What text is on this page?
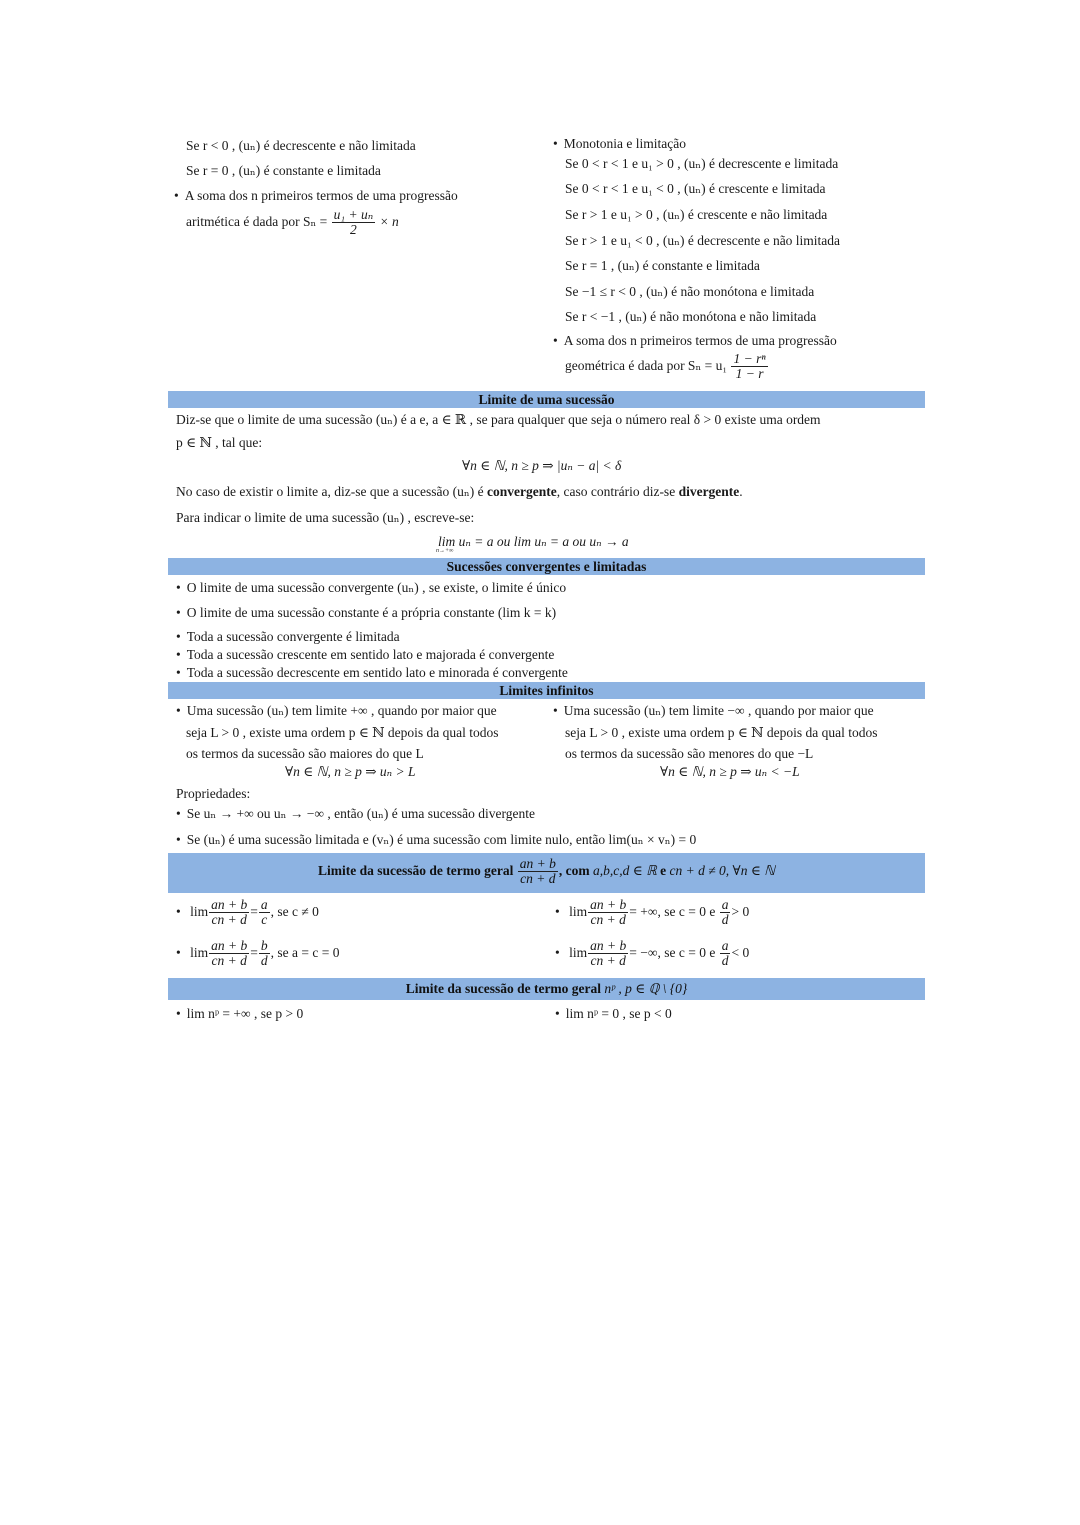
Se r < 0 , (uₙ) é decrescente e não limitada
Se r = 0 , (uₙ) é constante e limitada
• A soma dos n primeiros termos de uma progressão
aritmética é dada por $S_n = \frac{\text{u₁ + uₙ}}{2} \times n$
• Monotonia e limitação
Se 0 < r < 1 e u₁ > 0 , (uₙ) é decrescente e limitada
Se 0 < r < 1 e u₁ < 0 , (uₙ) é crescente e limitada
Se r > 1 e u₁ > 0 , (uₙ) é crescente e não limitada
Se r > 1 e u₁ < 0 , (uₙ) é decrescente e não limitada
Se r = 1 , (uₙ) é constante e limitada
Se −1 ≤ r < 0 , (uₙ) é não monótona e limitada
Se r < −1 , (uₙ) é não monótona e não limitada
• A soma dos n primeiros termos de uma progressão
geométrica é dada por $S_n = u_1 \frac{\text{1 − rⁿ}}{1 - r}$
Limite de uma sucessão
Diz-se que o limite de uma sucessão (uₙ) é a e, a ∈ ℝ , se para qualquer que seja o número real δ > 0 existe uma ordem
p ∈ ℕ , tal que:
∀n ∈ ℕ, n ≥ p ⇒ |uₙ − a| < δ
No caso de existir o limite a, diz-se que a sucessão (uₙ) é convergente, caso contrário diz-se divergente.
Para indicar o limite de uma sucessão (uₙ) , escreve-se:
lim uₙ = a ou lim uₙ = a ou uₙ → a
n→+∞
Sucessões convergentes e limitadas
• O limite de uma sucessão convergente (uₙ) , se existe, o limite é único
• O limite de uma sucessão constante é a própria constante (lim k = k)
• Toda a sucessão convergente é limitada
• Toda a sucessão crescente em sentido lato e majorada é convergente
• Toda a sucessão decrescente em sentido lato e minorada é convergente
Limites infinitos
• Uma sucessão (uₙ) tem limite +∞ , quando por maior que
seja L > 0 , existe uma ordem p ∈ ℕ depois da qual todos
os termos da sucessão são maiores do que L
∀n ∈ ℕ, n ≥ p ⇒ uₙ > L
• Uma sucessão (uₙ) tem limite −∞ , quando por maior que
seja L > 0 , existe uma ordem p ∈ ℕ depois da qual todos
os termos da sucessão são menores do que −L
∀n ∈ ℕ, n ≥ p ⇒ uₙ < −L
Propriedades:
• Se uₙ → +∞ ou uₙ → −∞ , então (uₙ) é uma sucessão divergente
• Se (uₙ) é uma sucessão limitada e (vₙ) é uma sucessão com limite nulo, então lim(uₙ × vₙ) = 0
Limite da sucessão de termo geral $\frac{an + b}{cn + d}$ , com a,b,c,d ∈ ℝ e cn + d ≠ 0, ∀n ∈ ℕ
• $\lim \frac{an + b}{cn + d} = \frac{a}{c}$ , se c ≠ 0
• $\lim \frac{an + b}{cn + d} = \frac{b}{d}$ , se a = c = 0
• $\lim \frac{an + b}{cn + d}$ = +∞, se c = 0 e $\frac{a}{d} > 0$
• $\lim \frac{an + b}{cn + d}$ = −∞, se c = 0 e $\frac{a}{d} < 0$
Limite da sucessão de termo geral nᵖ , p ∈ ℚ \ {0}
• lim nᵖ = +∞ , se p > 0	• lim nᵖ = 0 , se p < 0
